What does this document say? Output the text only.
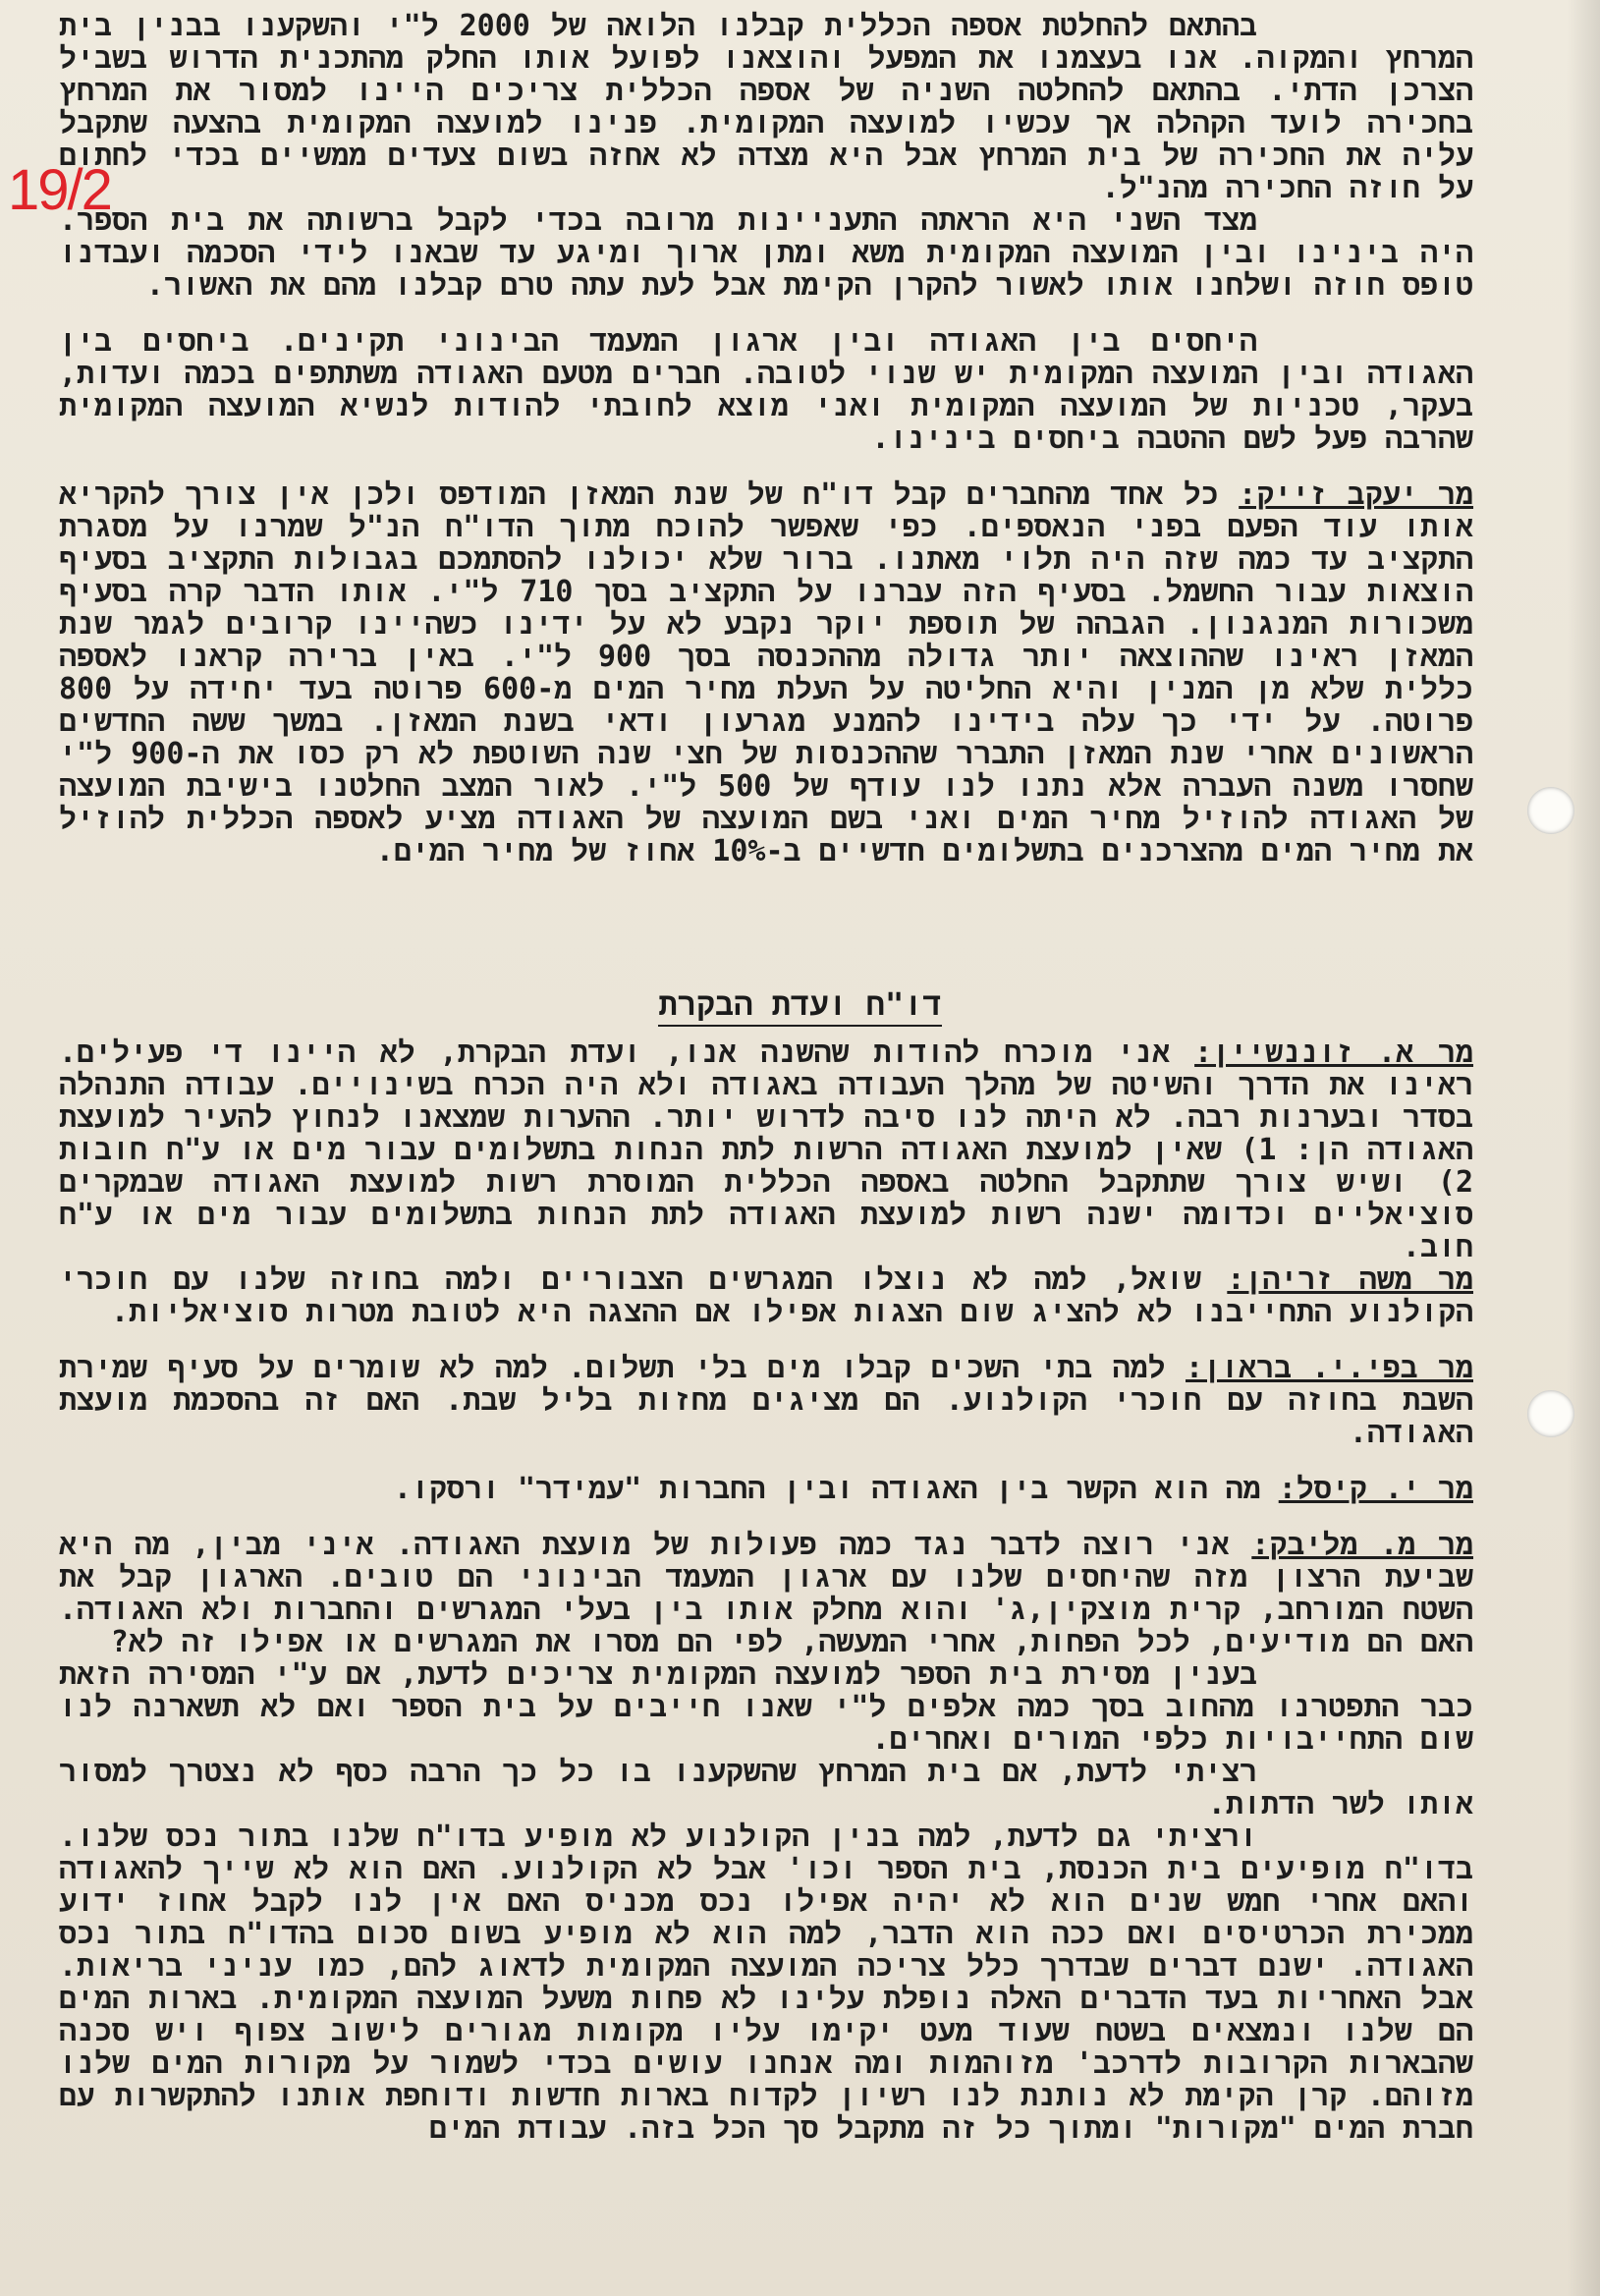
19/2

בהתאם להחלטת אספה הכללית קבלנו הלואה של 2000 ל"י והשקענו בבנין בית המרחץ והמקוה. אנו בעצמנו את המפעל והוצאנו לפועל אותו החלק מהתכנית הדרוש בשביל הצרכן הדתי. בהתאם להחלטה השניה של אספה הכללית צריכים היינו למסור את המרחץ בחכירה לועד הקהלה אך עכשיו למועצה המקומית. פנינו למועצה המקומית בהצעה שתקבל עליה את החכירה של בית המרחץ אבל היא מצדה לא אחזה בשום צעדים ממשיים בכדי לחתום על חוזה החכירה מהנ"ל.

מצד השני היא הראתה התעניינות מרובה בכדי לקבל ברשותה את בית הספר. היה בינינו ובין המועצה המקומית משא ומתן ארוך ומיגע עד שבאנו לידי הסכמה ועבדנו טופס חוזה ושלחנו אותו לאשור להקרן הקימת אבל לעת עתה טרם קבלנו מהם את האשור.

היחסים בין האגודה ובין ארגון המעמד הבינוני תקינים. ביחסים בין האגודה ובין המועצה המקומית יש שנוי לטובה. חברים מטעם האגודה משתתפים בכמה ועדות, בעקר, טכניות של המועצה המקומית ואני מוצא לחובתי להודות לנשיא המועצה המקומית שהרבה פעל לשם ההטבה ביחסים בינינו.

מר יעקב זייק: כל אחד מהחברים קבל דו"ח של שנת המאזן המודפס ולכן אין צורך להקריא אותו עוד הפעם בפני הנאספים. כפי שאפשר להוכח מתוך הדו"ח הנ"ל שמרנו על מסגרת התקציב עד כמה שזה היה תלוי מאתנו. ברור שלא יכולנו להסתמכם בגבולות התקציב בסעיף הוצאות עבור החשמל. בסעיף הזה עברנו על התקציב בסך 710 ל"י. אותו הדבר קרה בסעיף משכורות המנגנון. הגבהה של תוספת יוקר נקבע לא על ידינו כשהיינו קרובים לגמר שנת המאזן ראינו שההוצאה יותר גדולה מההכנסה בסך 900 ל"י. באין ברירה קראנו לאספה כללית שלא מן המנין והיא החליטה על העלת מחיר המים מ-600 פרוטה בעד יחידה על 800 פרוטה. על ידי כך עלה בידינו להמנע מגרעון ודאי בשנת המאזן. במשך ששה החדשים הראשונים אחרי שנת המאזן התברר שההכנסות של חצי שנה השוטפת לא רק כסו את ה-900 ל"י שחסרו משנה העברה אלא נתנו לנו עודף של 500 ל"י. לאור המצב החלטנו בישיבת המועצה של האגודה להוזיל מחיר המים ואני בשם המועצה של האגודה מציע לאספה הכללית להוזיל את מחיר המים מהצרכנים בתשלומים חדשיים ב-10% אחוז של מחיר המים.

דו"ח ועדת הבקרת

מר א. זוננשיין: אני מוכרח להודות שהשנה אנו, ועדת הבקרת, לא היינו די פעילים. ראינו את הדרך והשיטה של מהלך העבודה באגודה ולא היה הכרח בשינויים. עבודה התנהלה בסדר ובערנות רבה. לא היתה לנו סיבה לדרוש יותר. ההערות שמצאנו לנחוץ להעיר למועצת האגודה הן: 1) שאין למועצת האגודה הרשות לתת הנחות בתשלומים עבור מים או ע"ח חובות 2) ושיש צורך שתתקבל החלטה באספה הכללית המוסרת רשות למועצת האגודה שבמקרים סוציאליים וכדומה ישנה רשות למועצת האגודה לתת הנחות בתשלומים עבור מים או ע"ח חוב.

מר משה זריהן: שואל, למה לא נוצלו המגרשים הצבוריים ולמה בחוזה שלנו עם חוכרי הקולנוע התחייבנו לא להציג שום הצגות אפילו אם ההצגה היא לטובת מטרות סוציאליות.

מר בפי.י. בראון: למה בתי השכים קבלו מים בלי תשלום. למה לא שומרים על סעיף שמירת השבת בחוזה עם חוכרי הקולנוע. הם מציגים מחזות בליל שבת. האם זה בהסכמת מועצת האגודה.

מר י. קיסל: מה הוא הקשר בין האגודה ובין החברות "עמידר" ורסקו.

מר מ. מליבק: אני רוצה לדבר נגד כמה פעולות של מועצת האגודה. איני מבין, מה היא שביעת הרצון מזה שהיחסים שלנו עם ארגון המעמד הבינוני הם טובים. הארגון קבל את השטח המורחב, קרית מוצקין,ג' והוא מחלק אותו בין בעלי המגרשים והחברות ולא האגודה. האם הם מודיעים, לכל הפחות, אחרי המעשה, לפי הם מסרו את המגרשים או אפילו זה לא?

בענין מסירת בית הספר למועצה המקומית צריכים לדעת, אם ע"י המסירה הזאת כבר התפטרנו מהחוב בסך כמה אלפים ל"י שאנו חייבים על בית הספר ואם לא תשארנה לנו שום התחייבויות כלפי המורים ואחרים.

רציתי לדעת, אם בית המרחץ שהשקענו בו כל כך הרבה כסף לא נצטרך למסור אותו לשר הדתות.

ורציתי גם לדעת, למה בנין הקולנוע לא מופיע בדו"ח שלנו בתור נכס שלנו. בדו"ח מופיעים בית הכנסת, בית הספר וכו' אבל לא הקולנוע. האם הוא לא שייך להאגודה והאם אחרי חמש שנים הוא לא יהיה אפילו נכס מכניס האם אין לנו לקבל אחוז ידוע ממכירת הכרטיסים ואם ככה הוא הדבר, למה הוא לא מופיע בשום סכום בהדו"ח בתור נכס האגודה. ישנם דברים שבדרך כלל צריכה המועצה המקומית לדאוג להם, כמו עניני בריאות. אבל האחריות בעד הדברים האלה נופלת עלינו לא פחות משעל המועצה המקומית. בארות המים הם שלנו ונמצאים בשטח שעוד מעט יקימו עליו מקומות מגורים לישוב צפוף ויש סכנה שהבארות הקרובות לדרכב' מזוהמות ומה אנחנו עושים בכדי לשמור על מקורות המים שלנו מזוהם. קרן הקימת לא נותנת לנו רשיון לקדוח בארות חדשות ודוחפת אותנו להתקשרות עם חברת המים "מקורות" ומתוך כל זה מתקבל סך הכל בזה. עבודת המים
